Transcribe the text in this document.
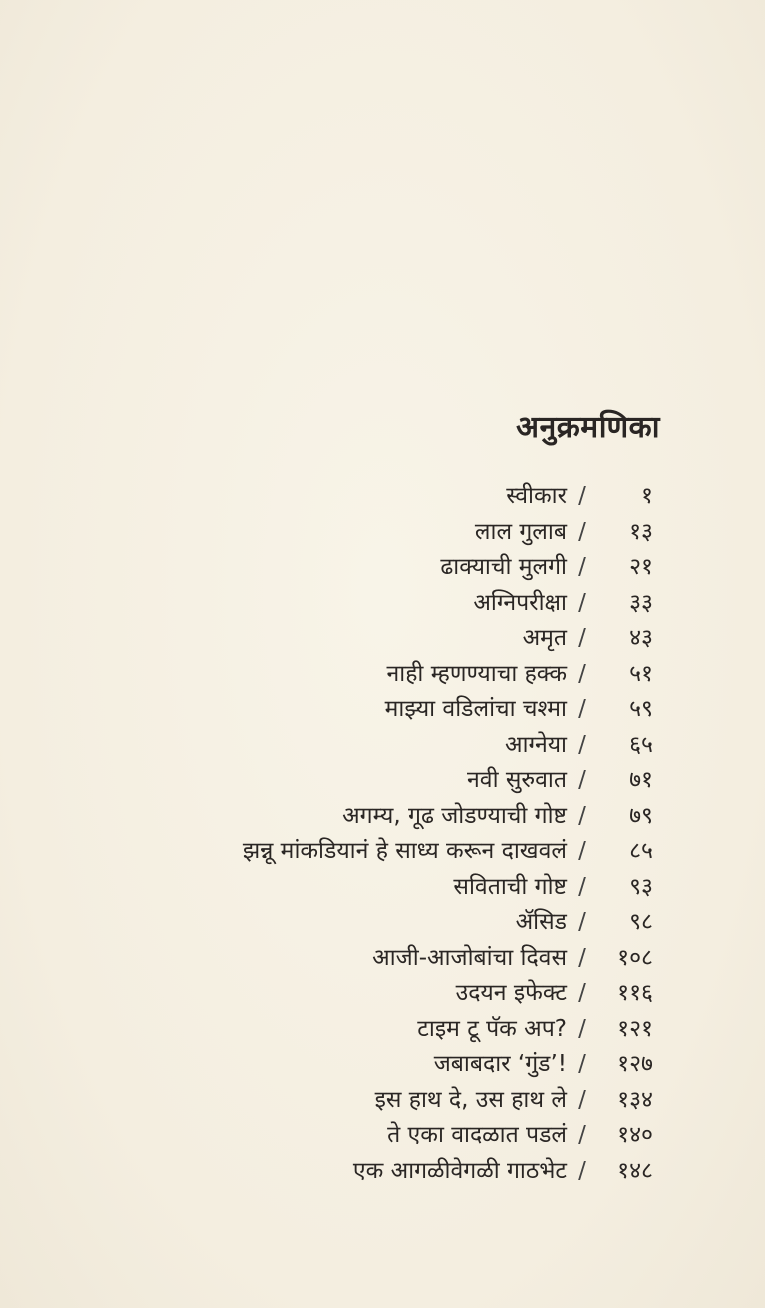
अनुक्रमणिका
स्वीकार /	१
लाल गुलाब /	१३
ढाक्याची मुलगी /	२१
अग्निपरीक्षा /	३३
अमृत /	४३
नाही म्हणण्याचा हक्क /	५१
माझ्या वडिलांचा चश्मा /	५९
आग्नेया /	६५
नवी सुरुवात /	७१
अगम्य, गूढ जोडण्याची गोष्ट /	७९
झन्नू मांकडियानं हे साध्य करून दाखवलं /	८५
सविताची गोष्ट /	९३
ॲसिड /	९८
आजी-आजोबांचा दिवस /	१०८
उदयन इफेक्ट /	११६
टाइम टू पॅक अप? /	१२१
जबाबदार ‘गुंड’! /	१२७
इस हाथ दे, उस हाथ ले /	१३४
ते एका वादळात पडलं /	१४०
एक आगळीवेगळी गाठभेट /	१४८
